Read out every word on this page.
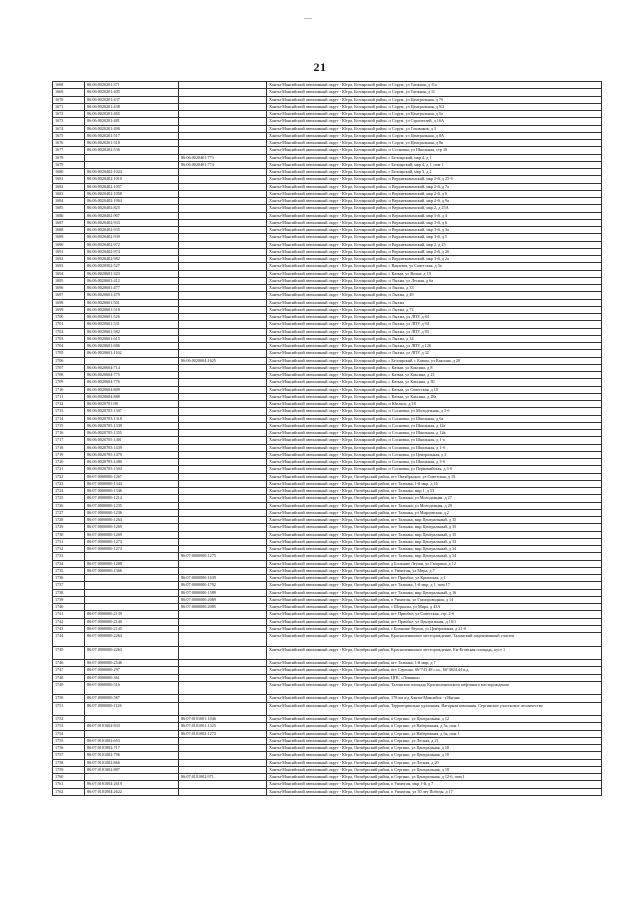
21
1668	86:06:0020201:371		Ханты-Мансийский автономный округ - Югра, Белоярский район, п Сорум, ул Таежная, д 11а
1669	86:06:0020201:405		Ханты-Мансийский автономный округ - Югра, Белоярский район, п Сорум, ул Таежная, д 11
1670	86:06:0020201:437		Ханты-Мансийский автономный округ - Югра, Белоярский район, п Сорум, ул Центральная, д 7б
1671	86:06:0020201:438		Ханты-Мансийский автономный округ - Югра, Белоярский район, п Сорум, ул Центральная, д 9/2
1672	86:06:0020201:465		Ханты-Мансийский автономный округ - Югра, Белоярский район, п Сорум, ул Центральная, д 5а
1673	86:06:0020201:481		Ханты-Мансийский автономный округ - Югра, Белоярский район, п Сорум, ул Строителей, д 16А
1674	86:06:0020201:490		Ханты-Мансийский автономный округ - Югра, Белоярский район, п Сорум, ул Газовиков, д 3
1675	86:06:0020201:517		Ханты-Мансийский автономный округ - Югра, Белоярский район, п Сорум, ул Центральная, д 8А
1676	86:06:0020201:518		Ханты-Мансийский автономный округ - Югра, Белоярский район, п Сорум, ул Центральная, д 8в
1677	86:06:0020202:536		Ханты-Мансийский автономный округ - Югра, Белоярский район, п Сосновка, ул Школьная, стр 10
1678		86:06:0020401:773	Ханты-Мансийский автономный округ - Югра, Белоярский район, г Белоярский, мкр 4, д 1
1679		86:06:0020401:774	Ханты-Мансийский автономный округ - Югра, Белоярский район, г Белоярский, мкр 4, д 1, пом 1
1680	86:06:0020402:1024		Ханты-Мансийский автономный округ - Югра, Белоярский район, г Белоярский, мкр 3, д 2
1681	86:06:0020402:1010		Ханты-Мансийский автономный округ - Югра, Белоярский район, п Верхнеказымский, мкр 2-й, д 25-б
1682	86:06:0020402:1057		Ханты-Мансийский автономный округ - Югра, Белоярский район, п Верхнеказымский, мкр 2-й, д 7а
1683	86:06:0020402:1058		Ханты-Мансийский автономный округ - Югра, Белоярский район, п Верхнеказымский, мкр 2-й, д 6
1684	86:06:0020402:1064		Ханты-Мансийский автономный округ - Югра, Белоярский район, п Верхнеказымский, мкр 2-й, д 9а
1685	86:06:0020402:825		Ханты-Мансийский автономный округ - Югра, Белоярский район, п Верхнеказымский, мкр 2, д 25А
1686	86:06:0020402:907		Ханты-Мансийский автономный округ - Югра, Белоярский район, п Верхнеказымский, мкр 3-й, д 4
1687	86:06:0020402:933		Ханты-Мансийский автономный округ - Югра, Белоярский район, п Верхнеказымский, мкр 3-й, д 6
1688	86:06:0020402:935		Ханты-Мансийский автономный округ - Югра, Белоярский район, п Верхнеказымский, мкр 3-й, д 3а
1689	86:06:0020402:939		Ханты-Мансийский автономный округ - Югра, Белоярский район, п Верхнеказымский, мкр 3-й, д 5
1690	86:06:0020402:972		Ханты-Мансийский автономный округ - Югра, Белоярский район, п Верхнеказымский, мкр 2, д 25
1691	86:06:0020402:974		Ханты-Мансийский автономный округ - Югра, Белоярский район, п Верхнеказымский, мкр 2-й, д 26
1692	86:06:0020402:982		Ханты-Мансийский автономный округ - Югра, Белоярский район, п Верхнеказымский, мкр 3-й, д 2а
1693	86:06:0020502:527		Ханты-Мансийский автономный округ - Югра, Белоярский район, с Ванзеват, ул Советская, д 3а
1694	86:06:0020601:323		Ханты-Мансийский автономный округ - Югра, Белоярский район, с Казым, ул Волна, д 19
1695	86:06:0020601:412		Ханты-Мансийский автономный округ - Югра, Белоярский район, п Лыхма, ул Лесная, д 6а
1696	86:06:0020601:477		Ханты-Мансийский автономный округ - Югра, Белоярский район, п Лыхма, д 33
1697	86:06:0020601:479		Ханты-Мансийский автономный округ - Югра, Белоярский район, п Лыхма, д 49
1698	86:06:0020601:501		Ханты-Мансийский автономный округ - Югра, Белоярский район, п Лыхма
1699	86:06:0020601:518		Ханты-Мансийский автономный округ - Югра, Белоярский район, п Лыхма, д 72
1700	86:06:0020601:526		Ханты-Мансийский автономный округ - Югра, Белоярский район, п Лыхма, ул ЛПУ, д 84
1701	86:06:0020601:531		Ханты-Мансийский автономный округ - Югра, Белоярский район, п Лыхма, ул ЛПУ, д 94
1702	86:06:0020601:582		Ханты-Мансийский автономный округ - Югра, Белоярский район, п Лыхма, ул ЛПУ, д 83
1703	86:06:0020601:615		Ханты-Мансийский автономный округ - Югра, Белоярский район, п Лыхма, д 34
1704	86:06:0020601:686		Ханты-Мансийский автономный округ - Югра, Белоярский район, п Лыхма, ул ЛПУ, д 126
1705	86:06:0020601:1162		Ханты-Мансийский автономный округ - Югра, Белоярский район, п Лыхма, ул ЛПУ, д 32
1706		86:06:0020604:1625	Ханты-Мансийский автономный округ - Югра, Белоярский район, г Белоярский, с Казым, ул Каксина, д 20
1707	86:06:0020604:714		Ханты-Мансийский автономный округ - Югра, Белоярский район, с Казым, ул Каксина, д 8
1708	86:06:0020604:775		Ханты-Мансийский автономный округ - Югра, Белоярский район, с Казым, ул Каксина, д 23
1709	86:06:0020604:776		Ханты-Мансийский автономный округ - Югра, Белоярский район, с Казым, ул Каксина, д 30
1710	86:06:0020604:809		Ханты-Мансийский автономный округ - Югра, Белоярский район, с Казым, ул Советская, д 10
1711	86:06:0020604:888		Ханты-Мансийский автономный округ - Югра, Белоярский район, с Казым, ул Каксина, д 28а
1712	86:06:0020701:98		Ханты-Мансийский автономный округ - Югра, Белоярский район, п Юильск, д 18
1713	86:06:0020705:1307		Ханты-Мансийский автономный округ - Югра, Белоярский район, п Сосновка, ул Молодежная, д 3-б
1714	86:06:0020705:1318		Ханты-Мансийский автономный округ - Югра, Белоярский район, п Сосновка, ул Школьная, д 6а
1715	86:06:0020705:1339		Ханты-Мансийский автономный округ - Югра, Белоярский район, п Сосновка, ул Школьная, д 12а
1716	86:06:0020705:1355		Ханты-Мансийский автономный округ - Югра, Белоярский район, п Сосновка, ул Школьная, д 12в
1717	86:06:0020705:1401		Ханты-Мансийский автономный округ - Югра, Белоярский район, п Сосновка, ул Школьная, д 1-а
1718	86:06:0020705:1439		Ханты-Мансийский автономный округ - Югра, Белоярский район, п Сосновка, ул Школьная, д 1-б
1719	86:06:0020705:1479		Ханты-Мансийский автономный округ - Югра, Белоярский район, п Сосновка, ул Центральная, д 2
1720	86:06:0020705:1480		Ханты-Мансийский автономный округ - Югра, Белоярский район, п Сосновка, ул Школьная, д 3-б
1721	86:06:0020705:1504		Ханты-Мансийский автономный округ - Югра, Белоярский район, п Сосновка, ул Первомайская, д 3-б
1722	86:07:0000000:1267		Ханты-Мансийский автономный округ - Югра, Октябрьский район, пгт Октябрьское, ул Советская, д 19
1723	86:07:0000000:1344		Ханты-Мансийский автономный округ - Югра, Октябрьский район, пгт Талинка, 1-й мкр, д 16
1724	86:07:0000000:1346		Ханты-Мансийский автономный округ - Югра, Октябрьский район, пгт Талинка, мкр 1, д 53
1725	86:07:0000000:1214		Ханты-Мансийский автономный округ - Югра, Октябрьский район, пгт Талинка, ул Молодежная, д 27
1726	86:07:0000000:1235		Ханты-Мансийский автономный округ - Югра, Октябрьский район, пгт Талинка, ул Молодежная, д 29
1727	86:07:0000000:1236		Ханты-Мансийский автономный округ - Югра, Октябрьский район, пгт Талинка, ул Мирдовская, д 2
1728	86:07:0000000:1264		Ханты-Мансийский автономный округ - Югра, Октябрьский район, пгт Талинка, мкр Центральный, д 35
1729	86:07:0000000:1269		Ханты-Мансийский автономный округ - Югра, Октябрьский район, пгт Талинка, мкр Центральный, д 35
1730	86:07:0000000:1269		Ханты-Мансийский автономный округ - Югра, Октябрьский район, пгт Талинка, мкр Центральный, д 35
1731	86:07:0000000:1273		Ханты-Мансийский автономный округ - Югра, Октябрьский район, пгт Талинка, мкр Центральный, д 33
1732	86:07:0000000:1274		Ханты-Мансийский автономный округ - Югра, Октябрьский район, пгт Талинка, мкр Центральный, д 34
1733		86:07:0000000:1275	Ханты-Мансийский автономный округ - Югра, Октябрьский район, пгт Талинка, мкр Центральный, д 34
1734	86:07:0000000:1288		Ханты-Мансийский автономный округ - Югра, Октябрьский район, д Большие Леуши, ул Гагарина, д 12
1735	86:07:0000000:1366		Ханты-Мансийский автономный округ - Югра, Октябрьский район, п Унъюган, ул Мира, д 7
1736		86:07:0000000:1639	Ханты-Мансийский автономный округ - Югра, Октябрьский район, пгт Приобье, ул Крымская, д 1
1737		86:07:0000000:1792	Ханты-Мансийский автономный округ - Югра, Октябрьский район, пгт Талинка, 1-й мкр, д 1, пом 17
1738		86:07:0000000:1589	Ханты-Мансийский автономный округ - Югра, Октябрьский район, пгт Талинка, мкр Центральный, д 16
1739		86:07:0000000:2069	Ханты-Мансийский автономный округ - Югра, Октябрьский район, п Унъюган, ул Газопроводная, д 14
1740		86:07:0000000:2085	Ханты-Мансийский автономный округ - Югра, Октябрьский район, с Шеркалы, ул Мира, д 43А
1741	86:07:0000000:2139		Ханты-Мансийский автономный округ - Югра, Октябрьский район, пгт Приобье, ул Советская, стр. 2-б
1742	86:07:0000000:2140		Ханты-Мансийский автономный округ - Югра, Октябрьский район, пгт Приобье, ул Центральная, д 16/1
1743	86:07:0000000:2145		Ханты-Мансийский автономный округ - Югра, Октябрьский район, с Большие Леуши, ул Центральная, д 21-б
1744	86:07:0000000:2264		Ханты-Мансийский автономный округ - Югра, Октябрьский район, Красноленинское месторождение, Талинский лицензионный участок
1745	86:07:0000000:2263		Ханты-Мансийский автономный округ - Югра, Октябрьский район, Красноленинское месторождение, Ем-Еговская площадь, куст 1
1746	86:07:0000000:2546		Ханты-Мансийский автономный округ - Югра, Октябрьский район, пгт Талинка, 1-й мкр, д 7
1747	86:07:0000000:297		Ханты-Мансийский автономный округ - Югра, Октябрьский район, пгт Сергино, 66°743 48 с.ш., 66°4824.44 в.д.
1748	86:07:0000000:361		Ханты-Мансийский автономный округ - Югра, Октябрьский район, ЦПС «Ловинка»
1749	86:07:0000000:516		Ханты-Мансийский автономный округ - Югра, Октябрьский район, Талинская площадь Красноленинского нефтяного месторождения
1750	86:07:0000000:587		Ханты-Мансийский автономный округ - Югра, Октябрьский район, 178 км а/д Ханты-Мансийск - г.Нягань
1751	86:07:0000000:1126		Ханты-Мансийский автономный округ - Югра, Октябрьский район, Территориально удаленная, Нагорная компания. Сергинское участковое лесничество
1752		86:07:0101001:1046	Ханты-Мансийский автономный округ - Югра, Октябрьский район, п Сергино, ул Центральная, д 12
1753	86:07:0101002:833	86:07:0101001:1325	Ханты-Мансийский автономный округ - Югра, Октябрьский район, п Сергино, ул Набережная, д 5а, пом 1
1754		86:07:0101002:1273	Ханты-Мансийский автономный округ - Югра, Октябрьский район, п Сергино, ул Набережная, д 6а, пом 1
1755	86:07:0101002:653		Ханты-Мансийский автономный округ - Югра, Октябрьский район, п Сергино, ул Лесная, д 21
1756	86:07:0101002:717		Ханты-Мансийский автономный округ - Югра, Октябрьский район, п Сергино, ул Центральная, д 18
1757	86:07:0101002:796		Ханты-Мансийский автономный округ - Югра, Октябрьский район, п Сергино, ул Центральная, д 10
1758	86:07:0101002:866		Ханты-Мансийский автономный округ - Югра, Октябрьский район, п Сергино, ул Лесная, д 20
1759	86:07:0101002:887		Ханты-Мансийский автономный округ - Югра, Октябрьский район, п Сергино, ул Центральная, д 18
1760		86:07:0101002:971	Ханты-Мансийский автономный округ - Югра, Октябрьский район, п Сергино, ул Центральная, д 12-б, пом 1
1761	86:07:0101004:2619		Ханты-Мансийский автономный округ - Югра, Октябрьский район, п Унъюган, мкр 1-й, д 7
1762	86:07:0101004:2622		Ханты-Мансийский автономный округ - Югра, Октябрьский район, п Унъюган, ул 30 лет Победы, д 17
